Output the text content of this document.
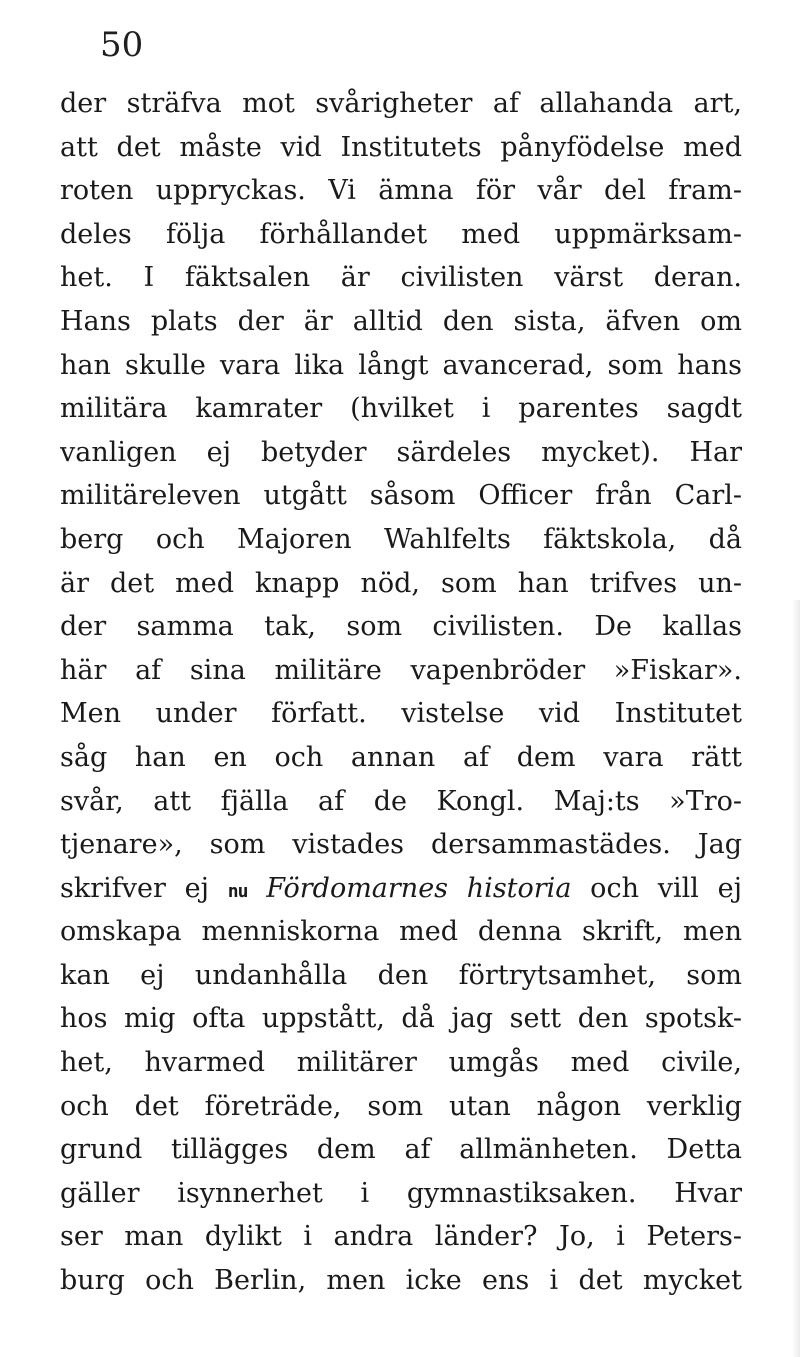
50
der sträfva mot svårigheter af allahanda art,
att det måste vid Institutets pånyfödelse med
roten uppryckas. Vi ämna för vår del fram-
deles följa förhållandet med uppmärksam-
het. I fäktsalen är civilisten värst deran.
Hans plats der är alltid den sista, äfven om
han skulle vara lika långt avancerad, som hans
militära kamrater (hvilket i parentes sagdt
vanligen ej betyder särdeles mycket). Har
militäreleven utgått såsom Officer från Carl-
berg och Majoren Wahlfelts fäktskola, då
är det med knapp nöd, som han trifves un-
der samma tak, som civilisten. De kallas
här af sina militäre vapenbröder »Fiskar».
Men under författ. vistelse vid Institutet
såg han en och annan af dem vara rätt
svår, att fjälla af de Kongl. Maj:ts »Tro-
tjenare», som vistades dersammastädes. Jag
skrifver ej nu Fördomarnes historia och vill ej
omskapa menniskorna med denna skrift, men
kan ej undanhålla den förtrytsamhet, som
hos mig ofta uppstått, då jag sett den spotsk-
het, hvarmed militärer umgås med civile,
och det företräde, som utan någon verklig
grund tillägges dem af allmänheten. Detta
gäller isynnerhet i gymnastiksaken. Hvar
ser man dylikt i andra länder? Jo, i Peters-
burg och Berlin, men icke ens i det mycket
